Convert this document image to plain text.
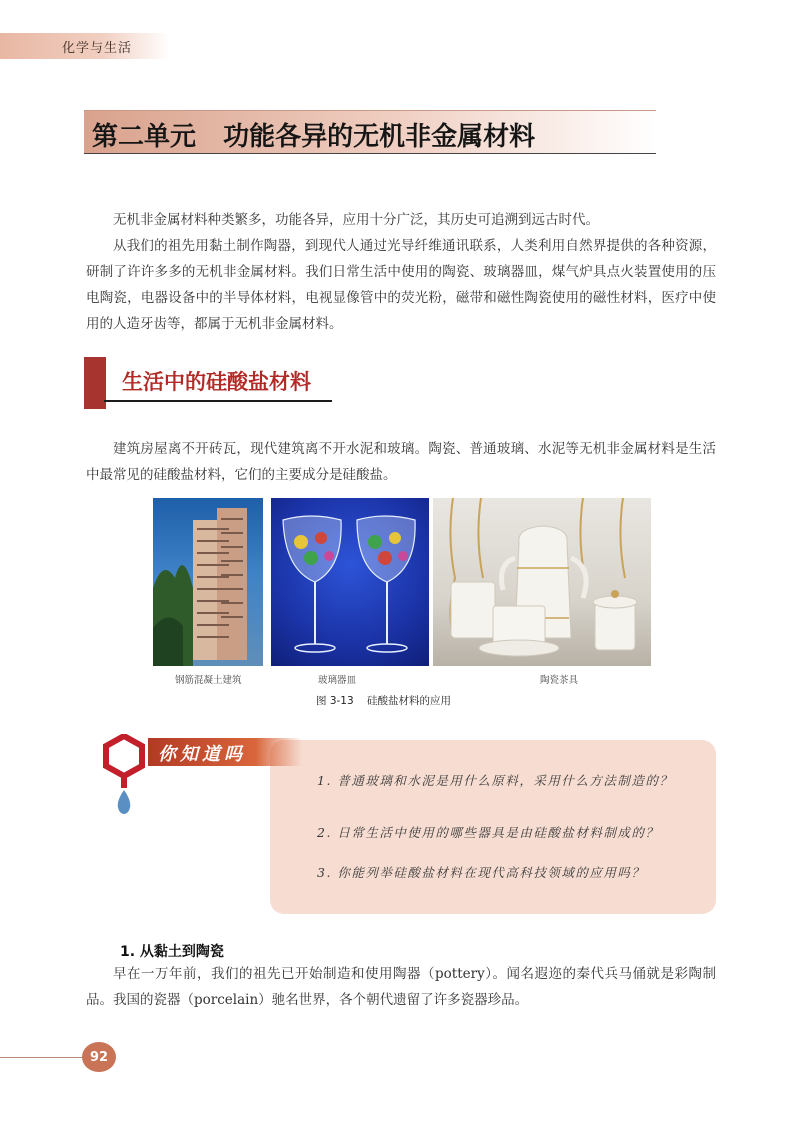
化学与生活
第二单元   功能各异的无机非金属材料

无机非金属材料种类繁多，功能各异，应用十分广泛，其历史可追溯到远古时代。

从我们的祖先用黏土制作陶器，到现代人通过光导纤维通讯联系，人类利用自然界提供的各种资源，研制了许许多多的无机非金属材料。我们日常生活中使用的陶瓷、玻璃器皿，煤气炉具点火装置使用的压电陶瓷，电器设备中的半导体材料，电视显像管中的荧光粉，磁带和磁性陶瓷使用的磁性材料，医疗中使用的人造牙齿等，都属于无机非金属材料。

生活中的硅酸盐材料

建筑房屋离不开砖瓦，现代建筑离不开水泥和玻璃。陶瓷、普通玻璃、水泥等无机非金属材料是生活中最常见的硅酸盐材料，它们的主要成分是硅酸盐。

钢筋混凝土建筑	玻璃器皿	陶瓷茶具
图 3-13    硅酸盐材料的应用
你知道吗

1. 普通玻璃和水泥是用什么原料，采用什么方法制造的？

2. 日常生活中使用的哪些器具是由硅酸盐材料制成的？

3. 你能列举硅酸盐材料在现代高科技领域的应用吗？

1. 从黏土到陶瓷

早在一万年前，我们的祖先已开始制造和使用陶器（pottery）。闻名遐迩的秦代兵马俑就是彩陶制品。我国的瓷器（porcelain）驰名世界，各个朝代遗留了许多瓷器珍品。

92
